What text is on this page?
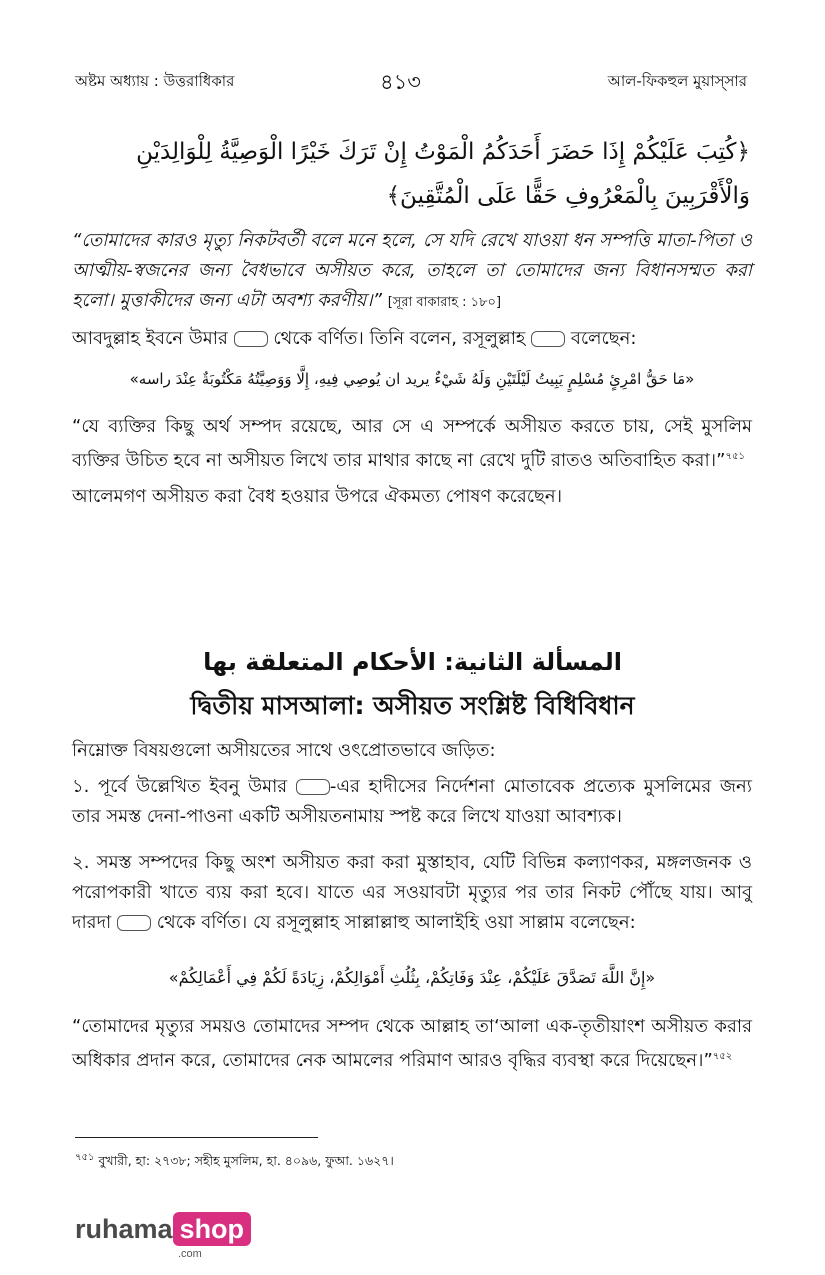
অষ্টম অধ্যায় : উত্তরাধিকার	৪১৩	আল-ফিকহুল মুয়াস্‌সার
﴿كُتِبَ عَلَيْكُمْ إِذَا حَضَرَ أَحَدَكُمُ الْمَوْتُ إِنْ تَرَكَ خَيْرًا الْوَصِيَّةُ لِلْوَالِدَيْنِ وَالْأَقْرَبِينَ بِالْمَعْرُوفِ حَقًّا عَلَى الْمُتَّقِينَ﴾
“তোমাদের কারও মৃত্যু নিকটবর্তী বলে মনে হলে, সে যদি রেখে যাওয়া ধন সম্পত্তি মাতা-পিতা ও আত্মীয়-স্বজনের জন্য বৈধভাবে অসীয়ত করে, তাহলে তা তোমাদের জন্য বিধানসম্মত করা হলো। মুত্তাকীদের জন্য এটা অবশ্য করণীয়।” [সূরা বাকারাহ : ১৮০]
আবদুল্লাহ ইবনে উমার	থেকে বর্ণিত। তিনি বলেন, রসূলুল্লাহ	বলেছেন:
«مَا حَقُّ امْرِئٍ مُسْلِمٍ يَبِيتُ لَيْلَتَيْنِ وَلَهُ شَيْءٌ يريد ان يُوصِي فِيهِ، إِلَّا وَوَصِيَّتُهُ مَكْتُوبَةٌ عِنْدَ راسه»
“যে ব্যক্তির কিছু অর্থ সম্পদ রয়েছে, আর সে এ সম্পর্কে অসীয়ত করতে চায়, সেই মুসলিম ব্যক্তির উচিত হবে না অসীয়ত লিখে তার মাথার কাছে না রেখে দুটি রাতও অতিবাহিত করা।”$^{৭৫১}$
আলেমগণ অসীয়ত করা বৈধ হওয়ার উপরে ঐকমত্য পোষণ করেছেন।
المسألة الثانية: الأحكام المتعلقة بها
দ্বিতীয় মাসআলা: অসীয়ত সংশ্লিষ্ট বিধিবিধান
নিম্নোক্ত বিষয়গুলো অসীয়তের সাথে ওৎপ্রোতভাবে জড়িত:
১. পূর্বে উল্লেখিত ইবনু উমার -এর হাদীসের নির্দেশনা মোতাবেক প্রত্যেক মুসলিমের জন্য তার সমস্ত দেনা-পাওনা একটি অসীয়তনামায় স্পষ্ট করে লিখে যাওয়া আবশ্যক।
২. সমস্ত সম্পদের কিছু অংশ অসীয়ত করা করা মুস্তাহাব, যেটি বিভিন্ন কল্যাণকর, মঙ্গলজনক ও পরোপকারী খাতে ব্যয় করা হবে। যাতে এর সওয়াবটা মৃত্যুর পর তার নিকট পৌঁছে যায়। আবু দারদা	থেকে বর্ণিত। যে রসূলুল্লাহ সাল্লাল্লাহু আলাইহি ওয়া সাল্লাম বলেছেন:
«إِنَّ اللَّهَ تَصَدَّقَ عَلَيْكُمْ، عِنْدَ وَفَاتِكُمْ، بِثُلُثِ أَمْوَالِكُمْ، زِيَادَةً لَكُمْ فِي أَعْمَالِكُمْ»
“তোমাদের মৃত্যুর সময়ও তোমাদের সম্পদ থেকে আল্লাহ তা‘আলা এক-তৃতীয়াংশ অসীয়ত করার অধিকার প্রদান করে, তোমাদের নেক আমলের পরিমাণ আরও বৃদ্ধির ব্যবস্থা করে দিয়েছেন।”$^{৭৫২}$
$^{৭৫১}$ বুখারী, হা: ২৭৩৮; সহীহ মুসলিম, হা. ৪০৯৬, ফুআ. ১৬২৭।
ruhama shop
.com
